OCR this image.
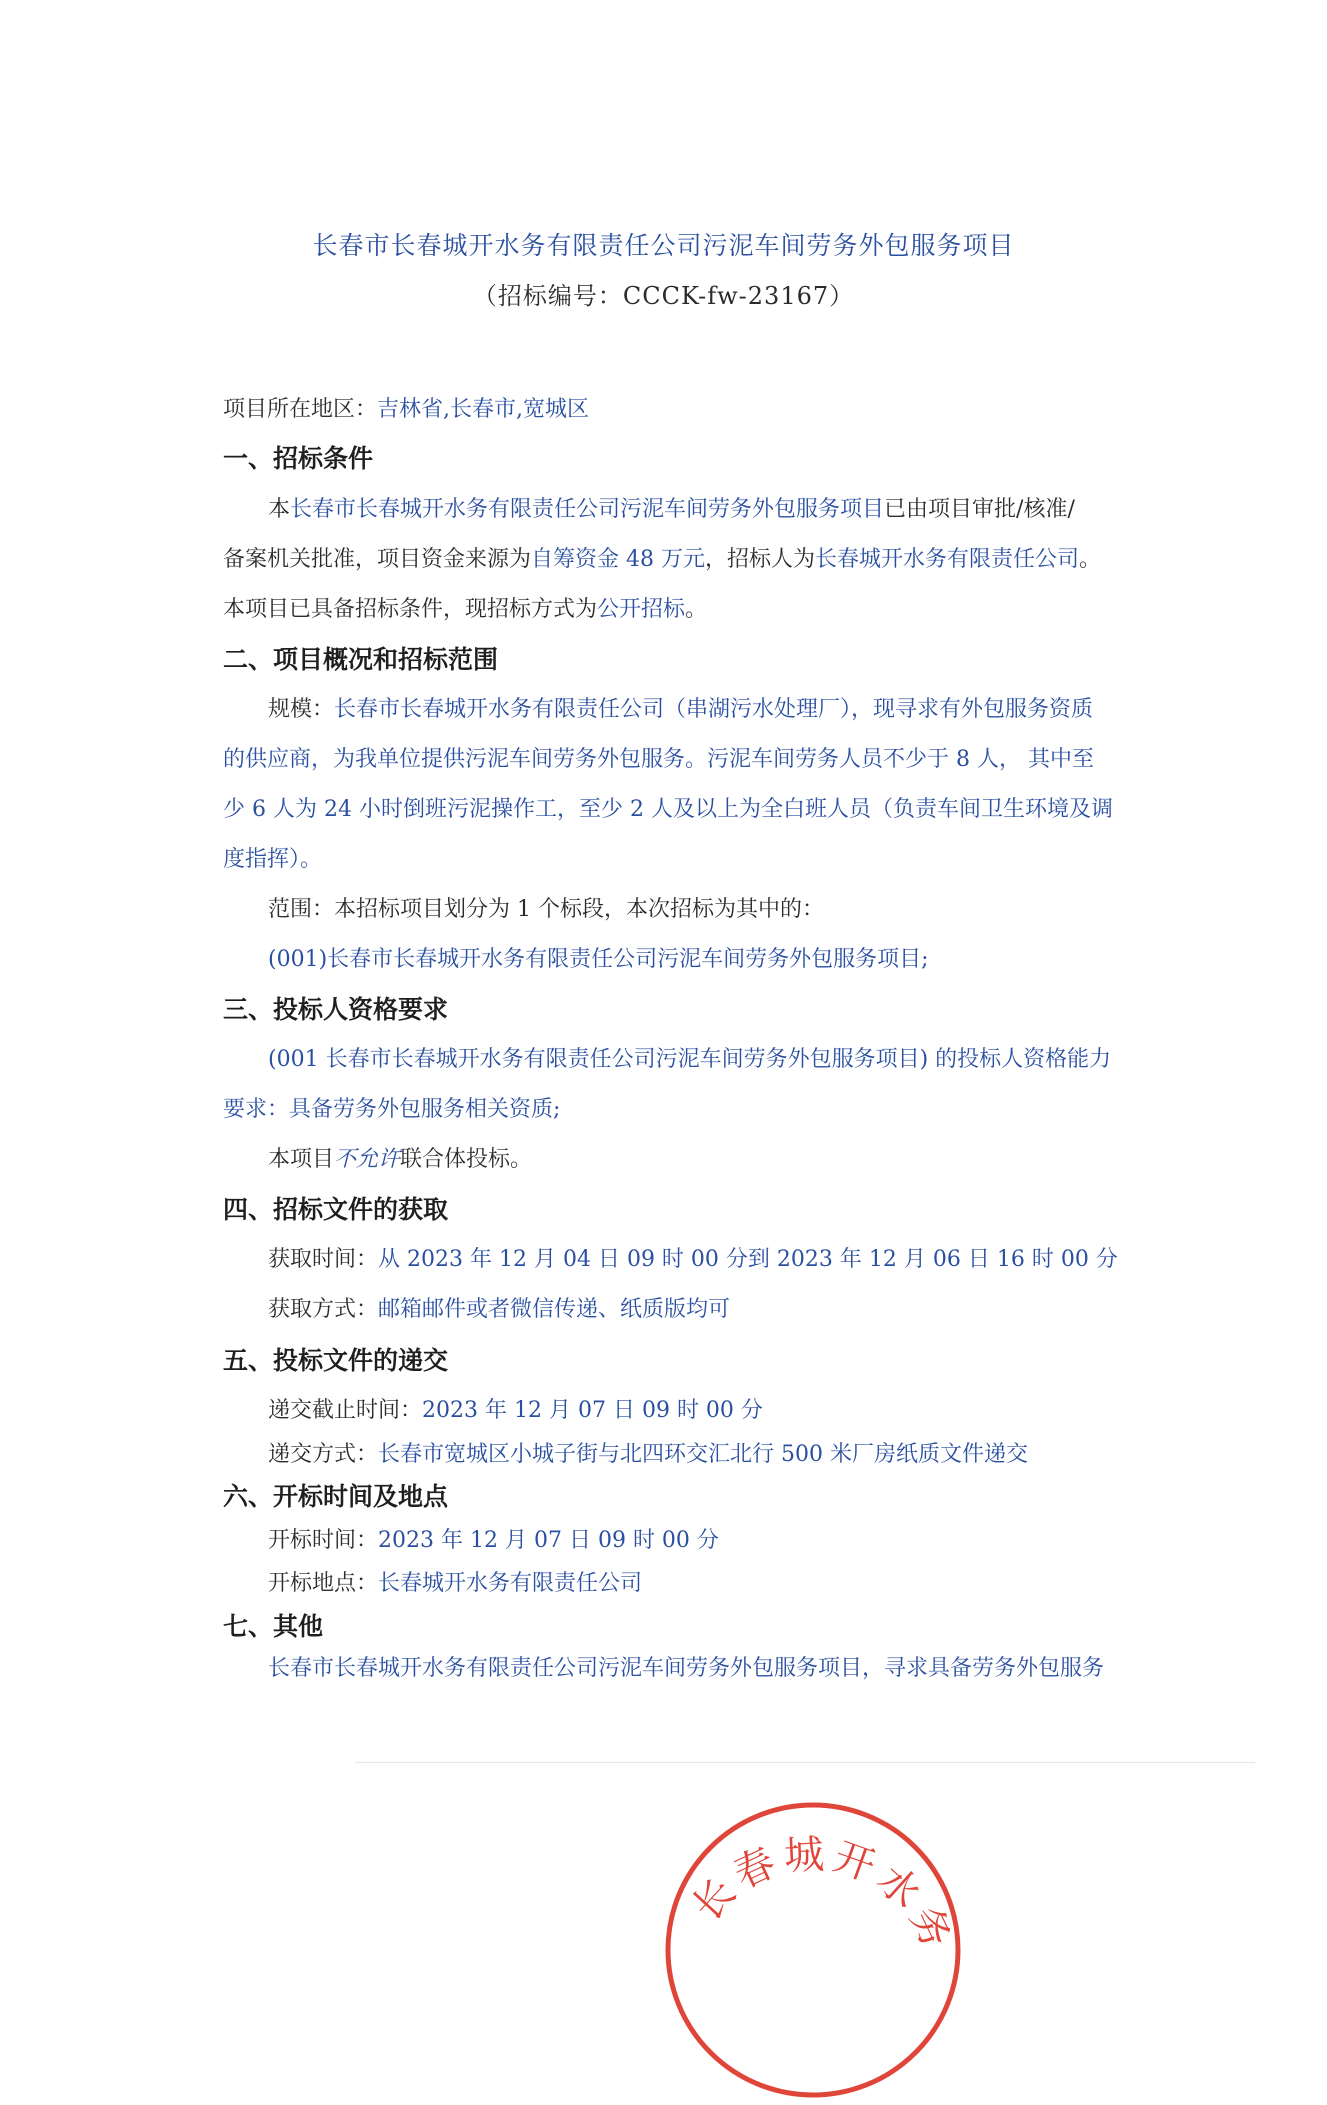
长春市长春城开水务有限责任公司污泥车间劳务外包服务项目
（招标编号：CCCK-fw-23167）
项目所在地区：吉林省,长春市,宽城区
一、招标条件
本长春市长春城开水务有限责任公司污泥车间劳务外包服务项目已由项目审批/核准/
备案机关批准，项目资金来源为自筹资金 48 万元，招标人为长春城开水务有限责任公司。
本项目已具备招标条件，现招标方式为公开招标。
二、项目概况和招标范围
规模：长春市长春城开水务有限责任公司（串湖污水处理厂），现寻求有外包服务资质
的供应商，为我单位提供污泥车间劳务外包服务。污泥车间劳务人员不少于 8 人， 其中至
少 6 人为 24 小时倒班污泥操作工，至少 2 人及以上为全白班人员（负责车间卫生环境及调
度指挥）。
范围：本招标项目划分为 1 个标段，本次招标为其中的：
(001)长春市长春城开水务有限责任公司污泥车间劳务外包服务项目;
三、投标人资格要求
(001 长春市长春城开水务有限责任公司污泥车间劳务外包服务项目) 的投标人资格能力
要求：具备劳务外包服务相关资质;
本项目不允许联合体投标。
四、招标文件的获取
获取时间：从 2023 年 12 月 04 日 09 时 00 分到 2023 年 12 月 06 日 16 时 00 分
获取方式：邮箱邮件或者微信传递、纸质版均可
五、投标文件的递交
递交截止时间：2023 年 12 月 07 日 09 时 00 分
递交方式：长春市宽城区小城子街与北四环交汇北行 500 米厂房纸质文件递交
六、开标时间及地点
开标时间：2023 年 12 月 07 日 09 时 00 分
开标地点：长春城开水务有限责任公司
七、其他
长春市长春城开水务有限责任公司污泥车间劳务外包服务项目，寻求具备劳务外包服务
长春城开水务
